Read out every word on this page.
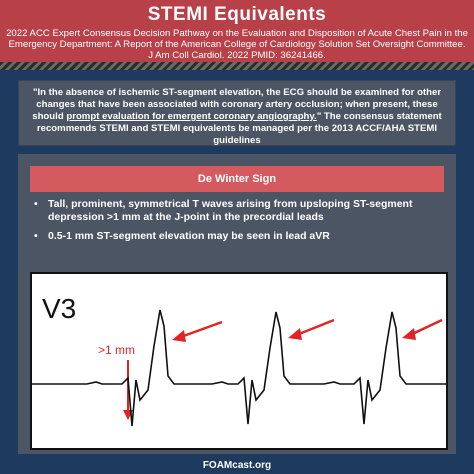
STEMI Equivalents
2022 ACC Expert Consensus Decision Pathway on the Evaluation and Disposition of Acute Chest Pain in the Emergency Department: A Report of the American College of Cardiology Solution Set Oversight Committee. J Am Coll Cardiol. 2022 PMID: 36241466.
"In the absence of ischemic ST-segment elevation, the ECG should be examined for other changes that have been associated with coronary artery occlusion; when present, these should prompt evaluation for emergent coronary angiography." The consensus statement recommends STEMI and STEMI equivalents be managed per the 2013 ACCF/AHA STEMI guidelines
De Winter Sign
• Tall, prominent, symmetrical T waves arising from upsloping ST-segment depression >1 mm at the J-point in the precordial leads
• 0.5-1 mm ST-segment elevation may be seen in lead aVR
V3
>1 mm
FOAMcast.org
